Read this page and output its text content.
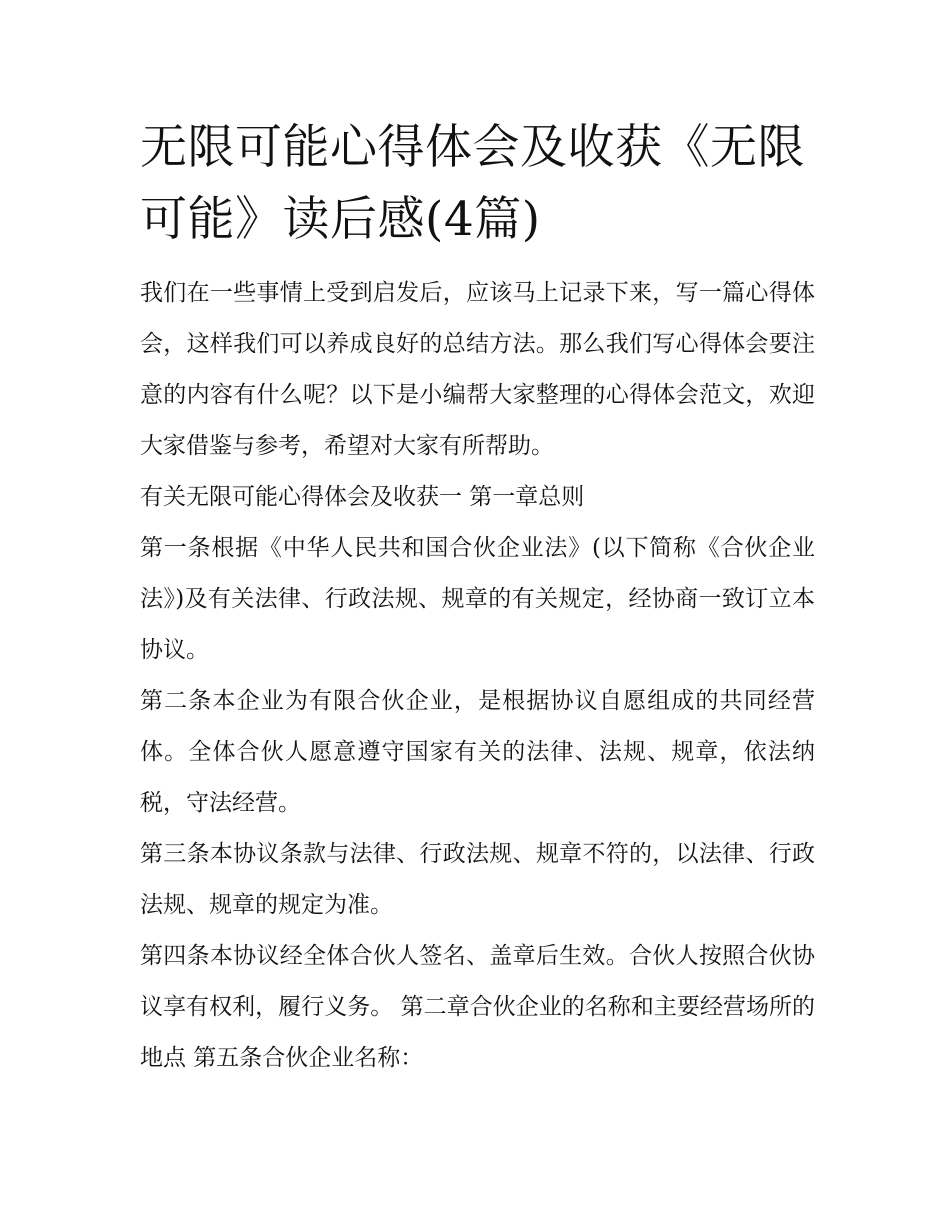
无限可能心得体会及收获《无限可能》读后感(4篇)

我们在一些事情上受到启发后，应该马上记录下来，写一篇心得体会，这样我们可以养成良好的总结方法。那么我们写心得体会要注意的内容有什么呢？以下是小编帮大家整理的心得体会范文，欢迎大家借鉴与参考，希望对大家有所帮助。

有关无限可能心得体会及收获一 第一章总则

第一条根据《中华人民共和国合伙企业法》(以下简称《合伙企业法》)及有关法律、行政法规、规章的有关规定，经协商一致订立本协议。

第二条本企业为有限合伙企业，是根据协议自愿组成的共同经营体。全体合伙人愿意遵守国家有关的法律、法规、规章，依法纳税，守法经营。

第三条本协议条款与法律、行政法规、规章不符的，以法律、行政法规、规章的规定为准。

第四条本协议经全体合伙人签名、盖章后生效。合伙人按照合伙协议享有权利，履行义务。 第二章合伙企业的名称和主要经营场所的地点 第五条合伙企业名称：
